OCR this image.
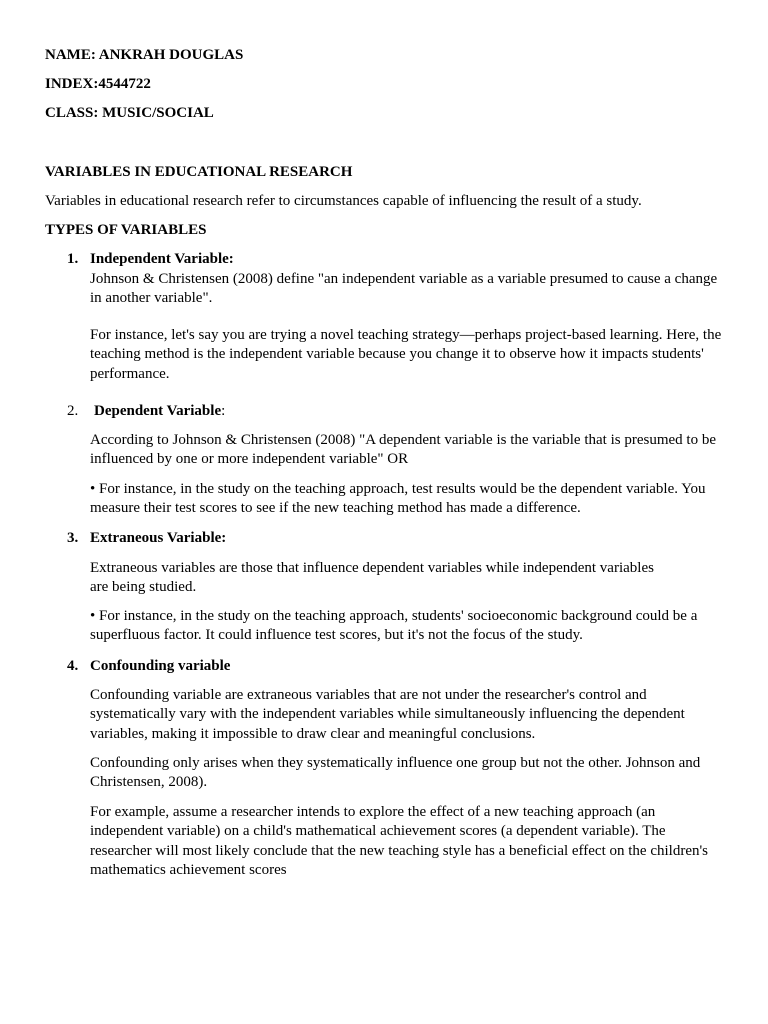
NAME: ANKRAH DOUGLAS
INDEX:4544722
CLASS: MUSIC/SOCIAL
VARIABLES IN EDUCATIONAL RESEARCH
Variables in educational research refer to circumstances capable of influencing the result of a study.
TYPES OF VARIABLES
1. Independent Variable:
Johnson & Christensen (2008) define "an independent variable as a variable presumed to cause a change in another variable".
For instance, let's say you are trying a novel teaching strategy—perhaps project-based learning. Here, the teaching method is the independent variable because you change it to observe how it impacts students' performance.
2. Dependent Variable:
According to Johnson & Christensen (2008) "A dependent variable is the variable that is presumed to be influenced by one or more independent variable" OR
• For instance, in the study on the teaching approach, test results would be the dependent variable. You measure their test scores to see if the new teaching method has made a difference.
3. Extraneous Variable:
Extraneous variables are those that influence dependent variables while independent variables are being studied.
• For instance, in the study on the teaching approach, students' socioeconomic background could be a superfluous factor. It could influence test scores, but it's not the focus of the study.
4. Confounding variable
Confounding variable are extraneous variables that are not under the researcher's control and systematically vary with the independent variables while simultaneously influencing the dependent variables, making it impossible to draw clear and meaningful conclusions.
Confounding only arises when they systematically influence one group but not the other. Johnson and Christensen, 2008).
For example, assume a researcher intends to explore the effect of a new teaching approach (an independent variable) on a child's mathematical achievement scores (a dependent variable). The researcher will most likely conclude that the new teaching style has a beneficial effect on the children's mathematics achievement scores
